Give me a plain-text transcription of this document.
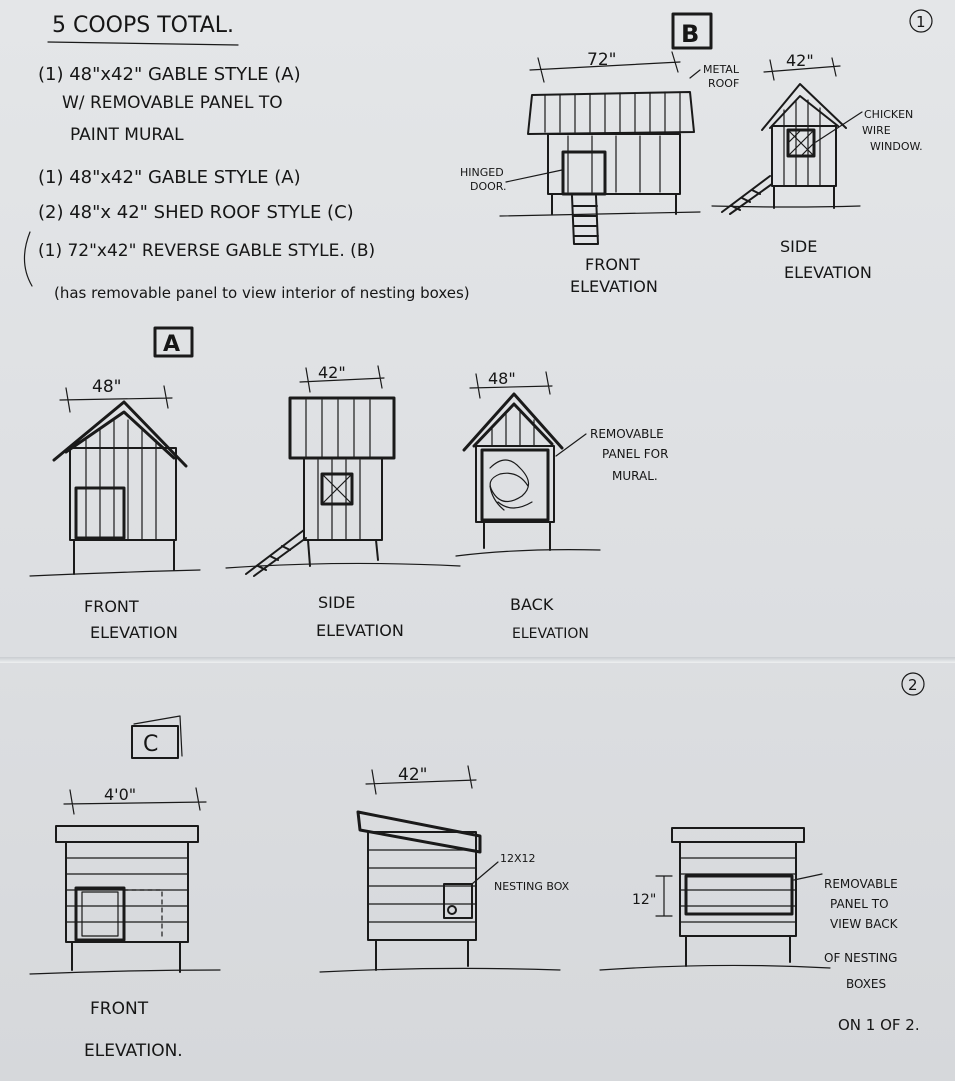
5 COOPS TOTAL.
(1) 48"x42" GABLE STYLE (A)
W/ REMOVABLE PANEL TO
PAINT MURAL
(1) 48"x42" GABLE STYLE (A)
(2) 48"x 42" SHED ROOF STYLE (C)
(1) 72"x42" REVERSE GABLE STYLE. (B)
(has removable panel to view interior of nesting boxes)
1
B
72"	METAL
ROOF
HINGED
DOOR.
FRONT
ELEVATION
42"
CHICKEN
WIRE
WINDOW.
SIDE
ELEVATION
A
48"
FRONT
ELEVATION
42"
SIDE
ELEVATION
48"
REMOVABLE
PANEL FOR
MURAL.
BACK
ELEVATION
2
C
4'0"
FRONT
ELEVATION.
42"
12X12
NESTING BOX
12"
REMOVABLE
PANEL TO
VIEW BACK
OF NESTING
BOXES
ON 1 OF 2.
